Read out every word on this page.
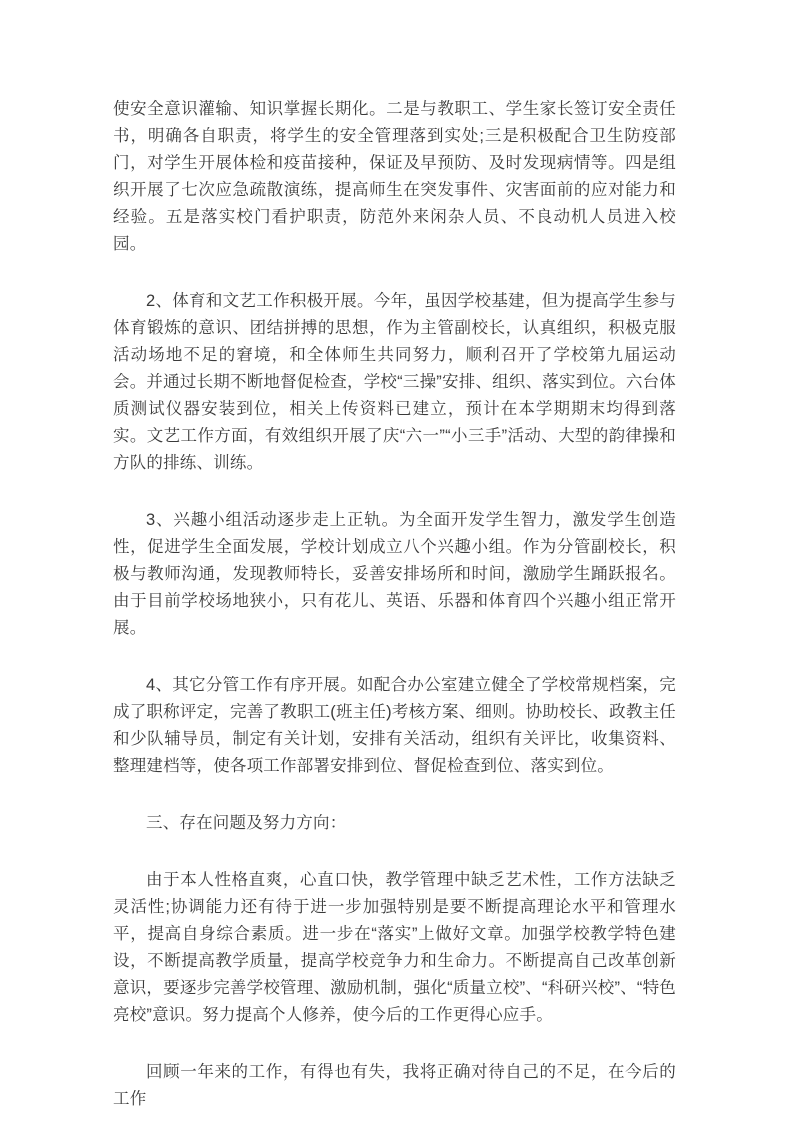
使安全意识灌输、知识掌握长期化。二是与教职工、学生家长签订安全责任书，明确各自职责，将学生的安全管理落到实处;三是积极配合卫生防疫部门，对学生开展体检和疫苗接种，保证及早预防、及时发现病情等。四是组织开展了七次应急疏散演练，提高师生在突发事件、灾害面前的应对能力和经验。五是落实校门看护职责，防范外来闲杂人员、不良动机人员进入校园。

2、体育和文艺工作积极开展。今年，虽因学校基建，但为提高学生参与体育锻炼的意识、团结拼搏的思想，作为主管副校长，认真组织，积极克服活动场地不足的窘境，和全体师生共同努力，顺利召开了学校第九届运动会。并通过长期不断地督促检查，学校“三操”安排、组织、落实到位。六台体质测试仪器安装到位，相关上传资料已建立，预计在本学期期末均得到落实。文艺工作方面，有效组织开展了庆“六一”“小三手”活动、大型的韵律操和方队的排练、训练。

3、兴趣小组活动逐步走上正轨。为全面开发学生智力，激发学生创造性，促进学生全面发展，学校计划成立八个兴趣小组。作为分管副校长，积极与教师沟通，发现教师特长，妥善安排场所和时间，激励学生踊跃报名。由于目前学校场地狭小，只有花儿、英语、乐器和体育四个兴趣小组正常开展。

4、其它分管工作有序开展。如配合办公室建立健全了学校常规档案，完成了职称评定，完善了教职工(班主任)考核方案、细则。协助校长、政教主任和少队辅导员，制定有关计划，安排有关活动，组织有关评比，收集资料、整理建档等，使各项工作部署安排到位、督促检查到位、落实到位。

三、存在问题及努力方向：

由于本人性格直爽，心直口快，教学管理中缺乏艺术性，工作方法缺乏灵活性;协调能力还有待于进一步加强特别是要不断提高理论水平和管理水平，提高自身综合素质。进一步在“落实”上做好文章。加强学校教学特色建设，不断提高教学质量，提高学校竞争力和生命力。不断提高自己改革创新意识，要逐步完善学校管理、激励机制，强化“质量立校”、“科研兴校”、“特色亮校”意识。努力提高个人修养，使今后的工作更得心应手。

回顾一年来的工作，有得也有失，我将正确对待自己的不足，在今后的工作
